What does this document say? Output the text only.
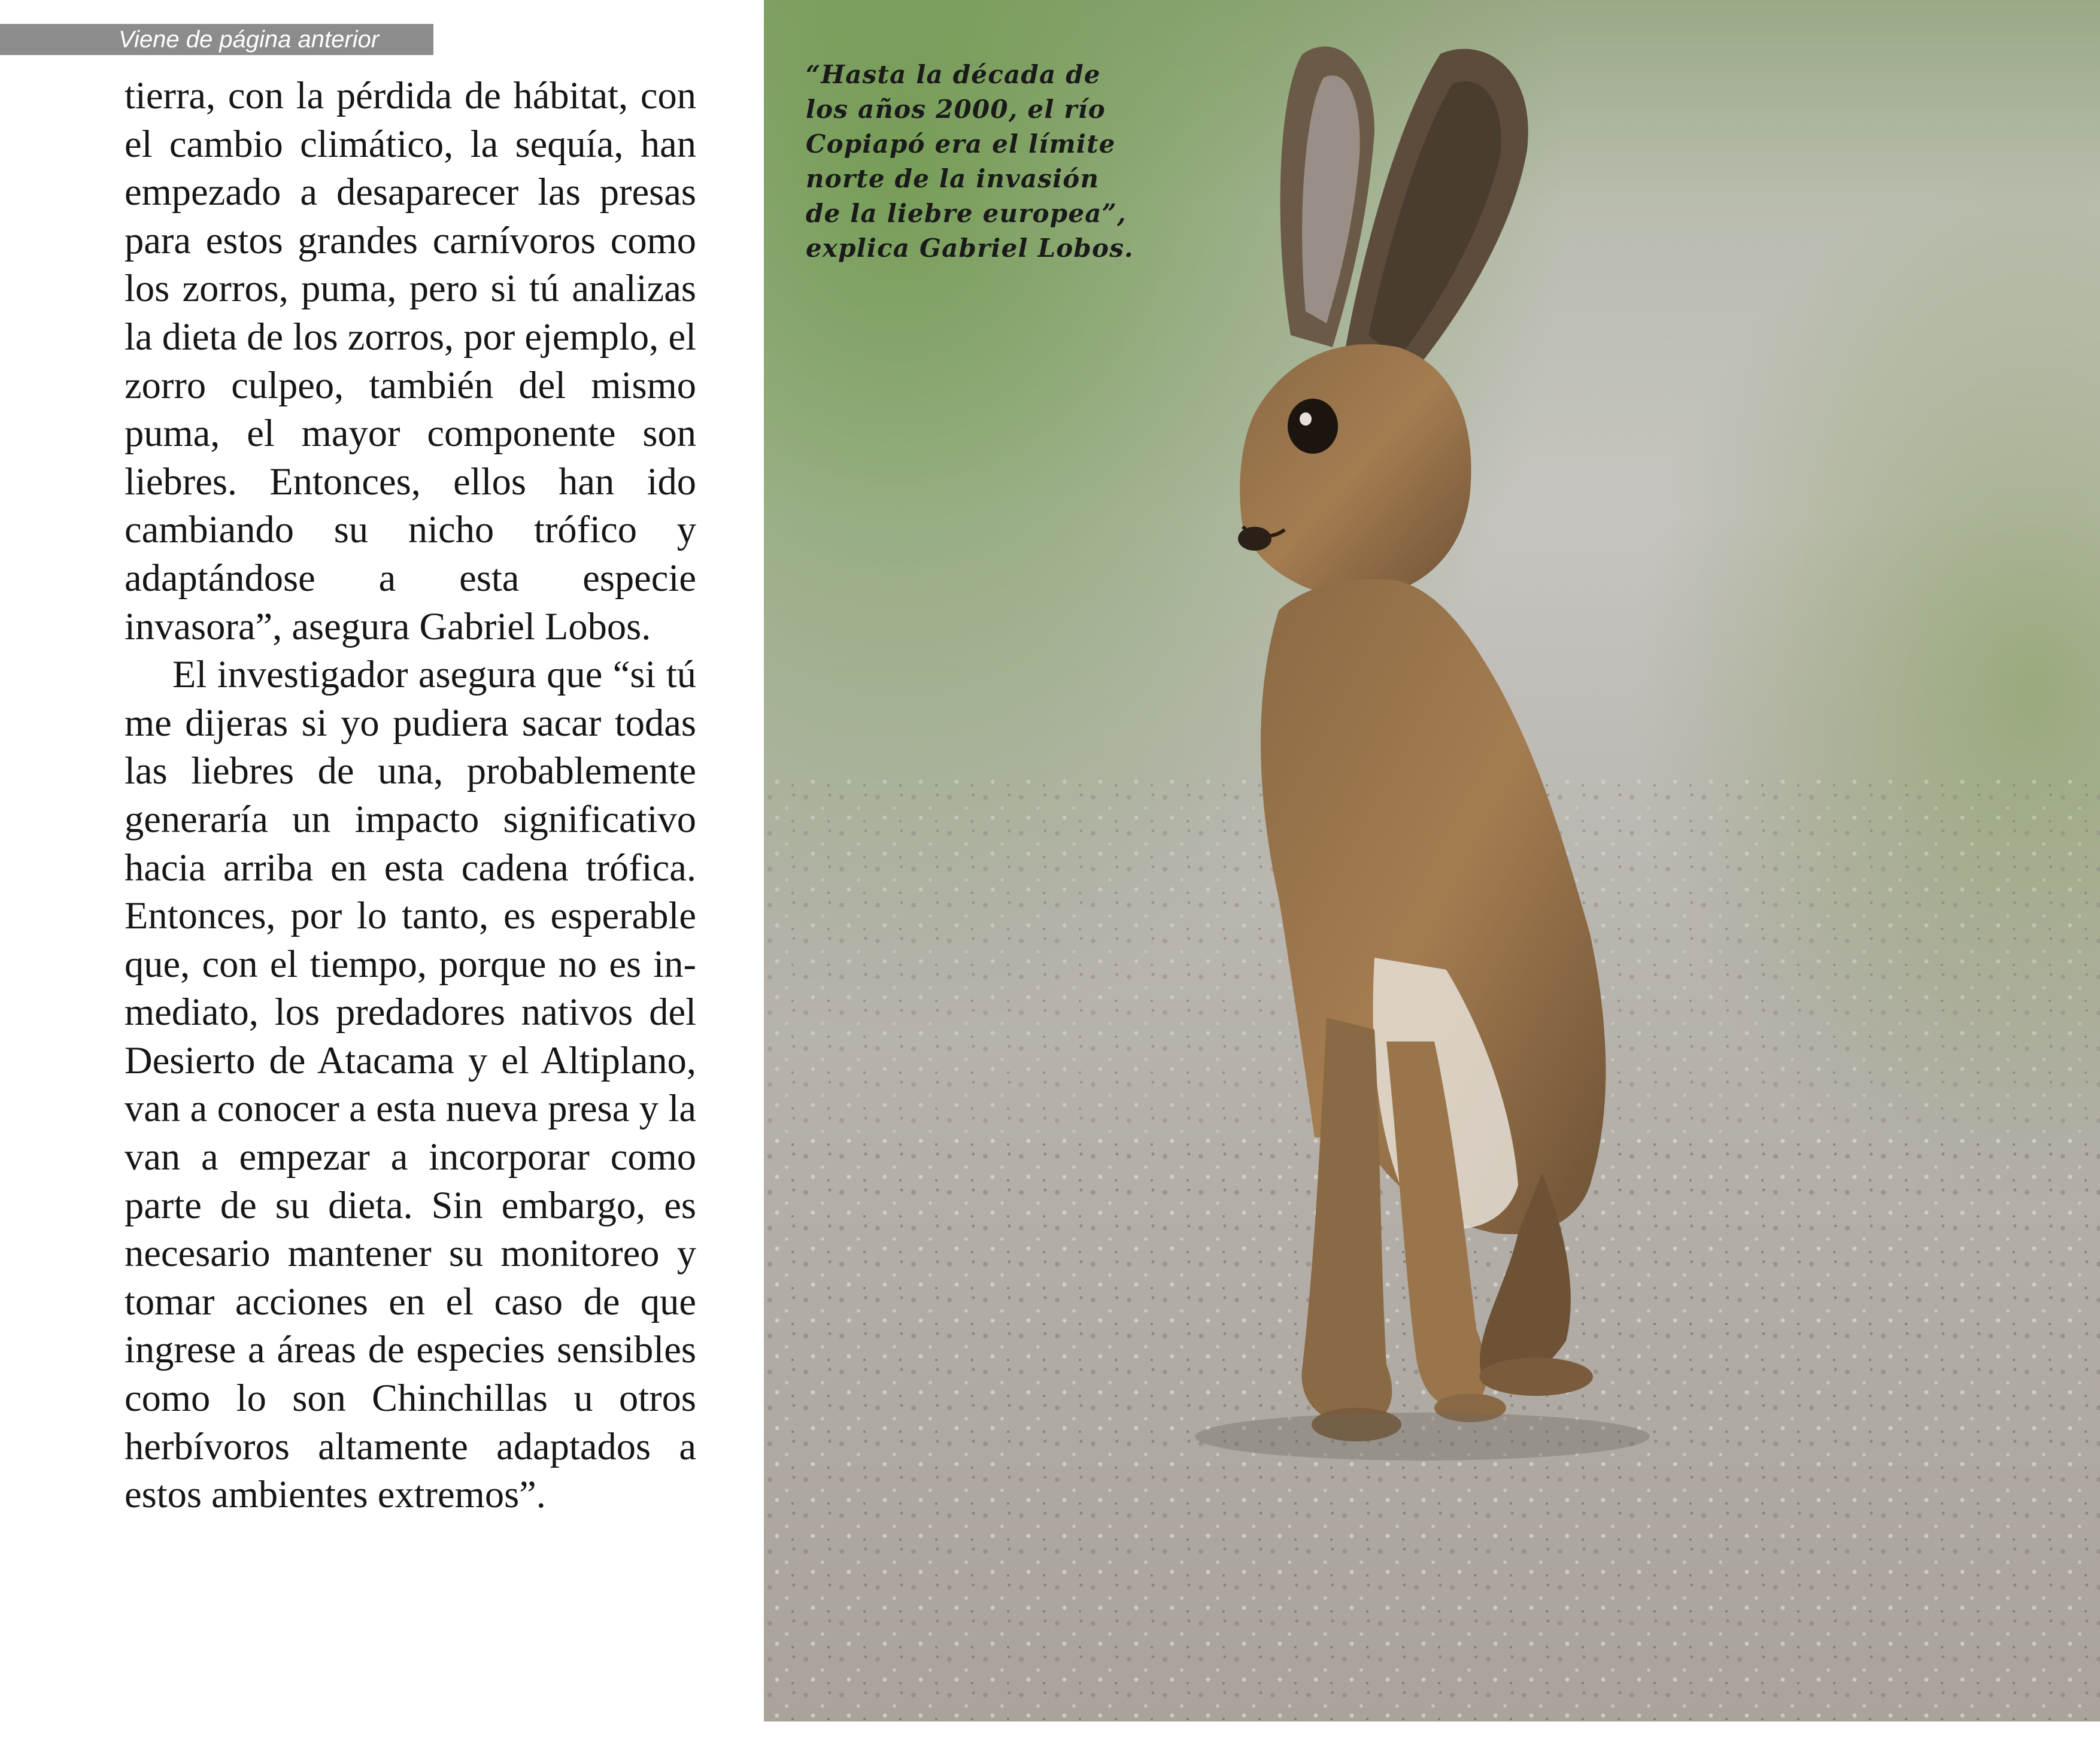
Viene de página anterior

tierra, con la pérdida de hábitat, con el cambio climático, la sequía, han empezado a desaparecer las presas para estos grandes carnívoros como los zorros, puma, pero si tú analizas la dieta de los zorros, por ejemplo, el zorro culpeo, también del mismo puma, el mayor componente son liebres. Entonces, ellos han ido cambiando su nicho trófico y adaptándose a esta especie invasora”, asegura Gabriel Lobos.

El investigador asegura que “si tú me dijeras si yo pudiera sacar todas las liebres de una, probablemente generaría un impacto significativo hacia arriba en esta cadena trófica. Entonces, por lo tanto, es esperable que, con el tiempo, porque no es inmediato, los predadores nativos del Desierto de Atacama y el Altiplano, van a conocer a esta nueva presa y la van a empezar a incorporar como parte de su dieta. Sin embargo, es necesario mantener su monitoreo y tomar acciones en el caso de que ingrese a áreas de especies sensibles como lo son Chinchillas u otros herbívoros altamente adaptados a estos ambientes extremos”.

“Hasta la década de
los años 2000, el río
Copiapó era el límite
norte de la invasión
de la liebre europea”,
explica Gabriel Lobos.
